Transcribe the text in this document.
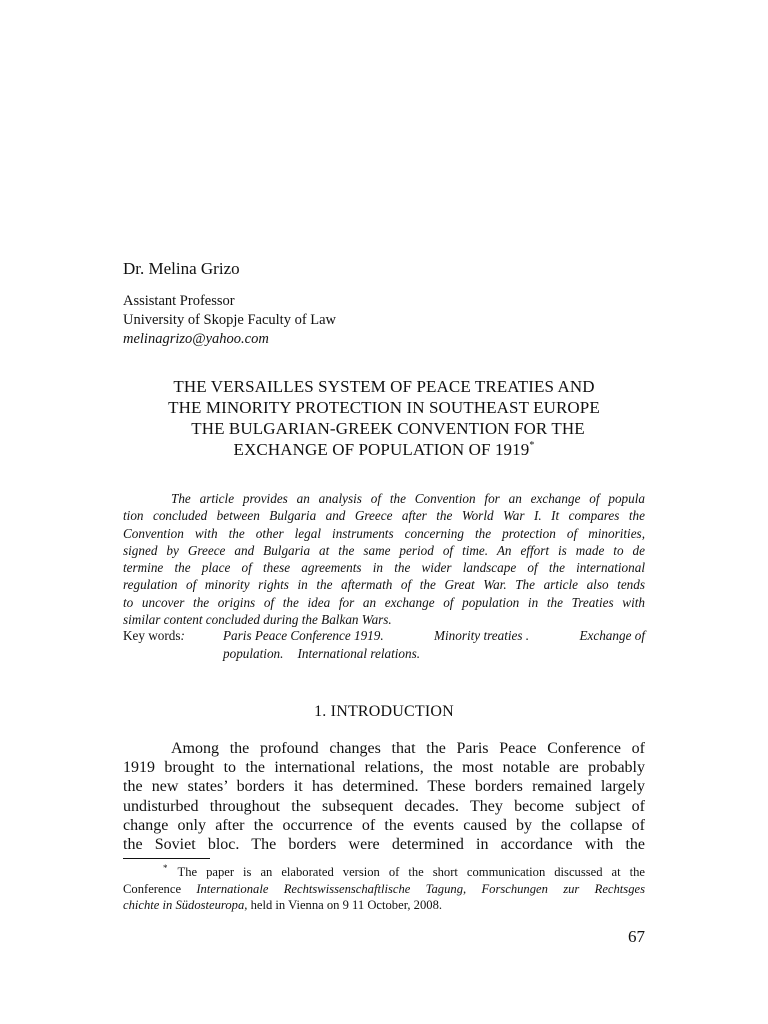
Dr. Melina Grizo
Assistant Professor
University of Skopje Faculty of Law
melinagrizo@yahoo.com
THE VERSAILLES SYSTEM OF PEACE TREATIES AND
THE MINORITY PROTECTION IN SOUTHEAST EUROPE
THE BULGARIAN-GREEK CONVENTION FOR THE
EXCHANGE OF POPULATION OF 1919*
The article provides an analysis of the Convention for an exchange of popula
tion concluded between Bulgaria and Greece after the World War I. It compares the
Convention with the other legal instruments concerning the protection of minorities,
signed by Greece and Bulgaria at the same period of time. An effort is made to de
termine the place of these agreements in the wider landscape of the international
regulation of minority rights in the aftermath of the Great War. The article also tends
to uncover the origins of the idea for an exchange of population in the Treaties with
similar content concluded during the Balkan Wars.
Key words:	Paris Peace Conference 1919.	Minority treaties .	Exchange of
population. International relations.
1. INTRODUCTION
Among the profound changes that the Paris Peace Conference of
1919 brought to the international relations, the most notable are probably
the new states’ borders it has determined. These borders remained largely
undisturbed throughout the subsequent decades. They become subject of
change only after the occurrence of the events caused by the collapse of
the Soviet bloc. The borders were determined in accordance with the
* The paper is an elaborated version of the short communication discussed at the
Conference Internationale Rechtswissenschaftlische Tagung, Forschungen zur Rechtsges
chichte in Südosteuropa, held in Vienna on 9 11 October, 2008.
67
